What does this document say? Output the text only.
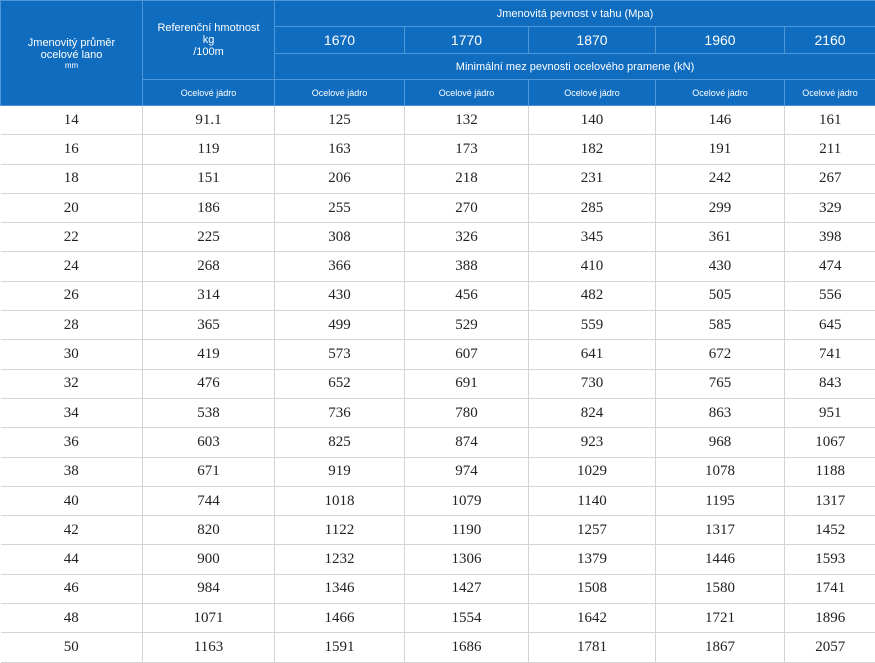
Jmenovitý průměr
ocelové lano
mm	Referenční hmotnost
kg
/100m	Jmenovitá pevnost v tahu (Mpa)				
		1670	1770	1870	1960	2160
		Minimální mez pevnosti ocelového pramene (kN)				
	Ocelové jádro	Ocelové jádro	Ocelové jádro	Ocelové jádro	Ocelové jádro	Ocelové jádro
14	91.1	125	132	140	146	161
16	119	163	173	182	191	211
18	151	206	218	231	242	267
20	186	255	270	285	299	329
22	225	308	326	345	361	398
24	268	366	388	410	430	474
26	314	430	456	482	505	556
28	365	499	529	559	585	645
30	419	573	607	641	672	741
32	476	652	691	730	765	843
34	538	736	780	824	863	951
36	603	825	874	923	968	1067
38	671	919	974	1029	1078	1188
40	744	1018	1079	1140	1195	1317
42	820	1122	1190	1257	1317	1452
44	900	1232	1306	1379	1446	1593
46	984	1346	1427	1508	1580	1741
48	1071	1466	1554	1642	1721	1896
50	1163	1591	1686	1781	1867	2057
